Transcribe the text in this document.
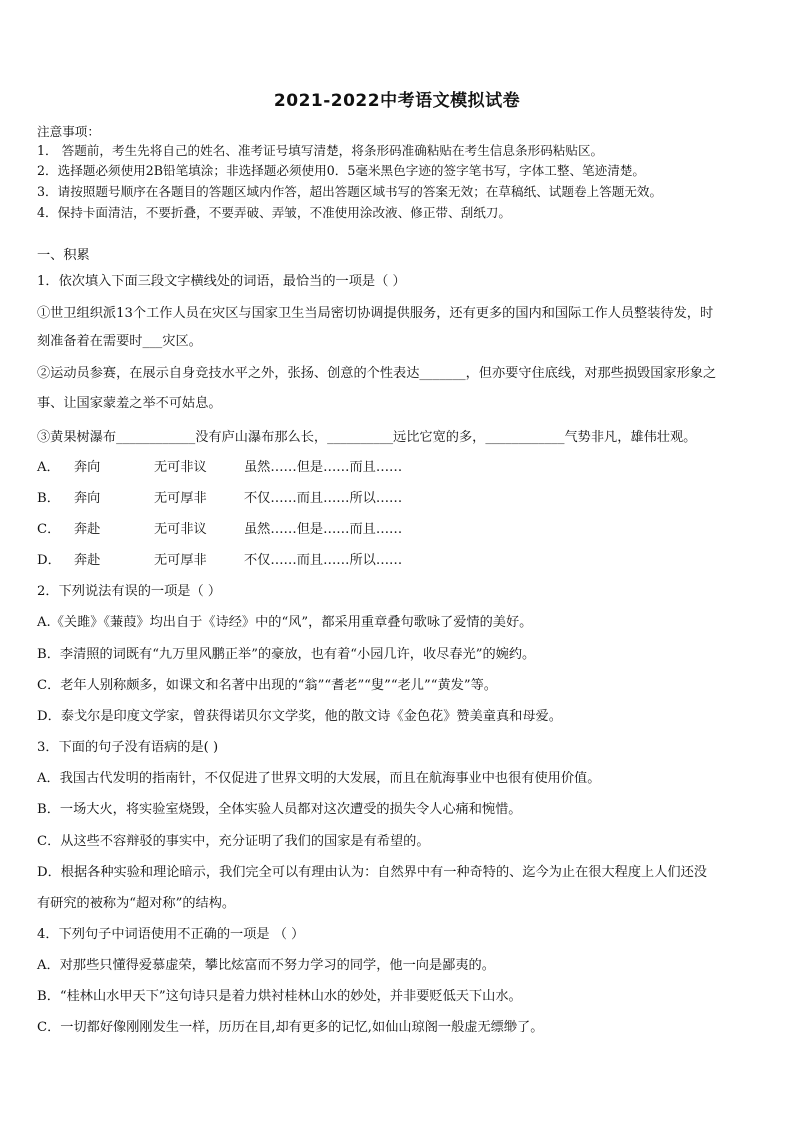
2021-2022中考语文模拟试卷
注意事项：
1． 答题前，考生先将自己的姓名、准考证号填写清楚，将条形码准确粘贴在考生信息条形码粘贴区。
2．选择题必须使用2B铅笔填涂；非选择题必须使用0．5毫米黑色字迹的签字笔书写，字体工整、笔迹清楚。
3．请按照题号顺序在各题目的答题区域内作答，超出答题区域书写的答案无效；在草稿纸、试题卷上答题无效。
4．保持卡面清洁，不要折叠，不要弄破、弄皱，不准使用涂改液、修正带、刮纸刀。
一、积累
1．依次填入下面三段文字横线处的词语，最恰当的一项是（ ）
①世卫组织派13个工作人员在灾区与国家卫生当局密切协调提供服务，还有更多的国内和国际工作人员整装待发，时
刻准备着在需要时___灾区。
②运动员参赛，在展示自身竞技水平之外，张扬、创意的个性表达_______，但亦要守住底线，对那些损毁国家形象之
事、让国家蒙羞之举不可姑息。
③黄果树瀑布____________没有庐山瀑布那么长，__________远比它宽的多，____________气势非凡，雄伟壮观。
A． 奔向	无可非议	虽然……但是……而且……
B． 奔向	无可厚非	不仅……而且……所以……
C． 奔赴	无可非议	虽然……但是……而且……
D． 奔赴	无可厚非	不仅……而且……所以……
2．下列说法有误的一项是（ ）
A.《关雎》《蒹葭》均出自于《诗经》中的“风”，都采用重章叠句歌咏了爱情的美好。
B．李清照的词既有“九万里风鹏正举”的豪放，也有着“小园几许，收尽春光”的婉约。
C．老年人别称颇多，如课文和名著中出现的“翁”“耆老”“叟”“老儿”“黄发”等。
D．泰戈尔是印度文学家，曾获得诺贝尔文学奖，他的散文诗《金色花》赞美童真和母爱。
3．下面的句子没有语病的是( )
A．我国古代发明的指南针，不仅促进了世界文明的大发展，而且在航海事业中也很有使用价值。
B．一场大火，将实验室烧毁，全体实验人员都对这次遭受的损失令人心痛和惋惜。
C．从这些不容辩驳的事实中，充分证明了我们的国家是有希望的。
D．根据各种实验和理论暗示，我们完全可以有理由认为：自然界中有一种奇特的、迄今为止在很大程度上人们还没
有研究的被称为“超对称”的结构。
4．下列句子中词语使用不正确的一项是 （ ）
A．对那些只懂得爱慕虚荣，攀比炫富而不努力学习的同学，他一向是鄙夷的。
B．“桂林山水甲天下”这句诗只是着力烘衬桂林山水的妙处，并非要贬低天下山水。
C．一切都好像刚刚发生一样，历历在目,却有更多的记忆,如仙山琼阁一般虚无缥缈了。
